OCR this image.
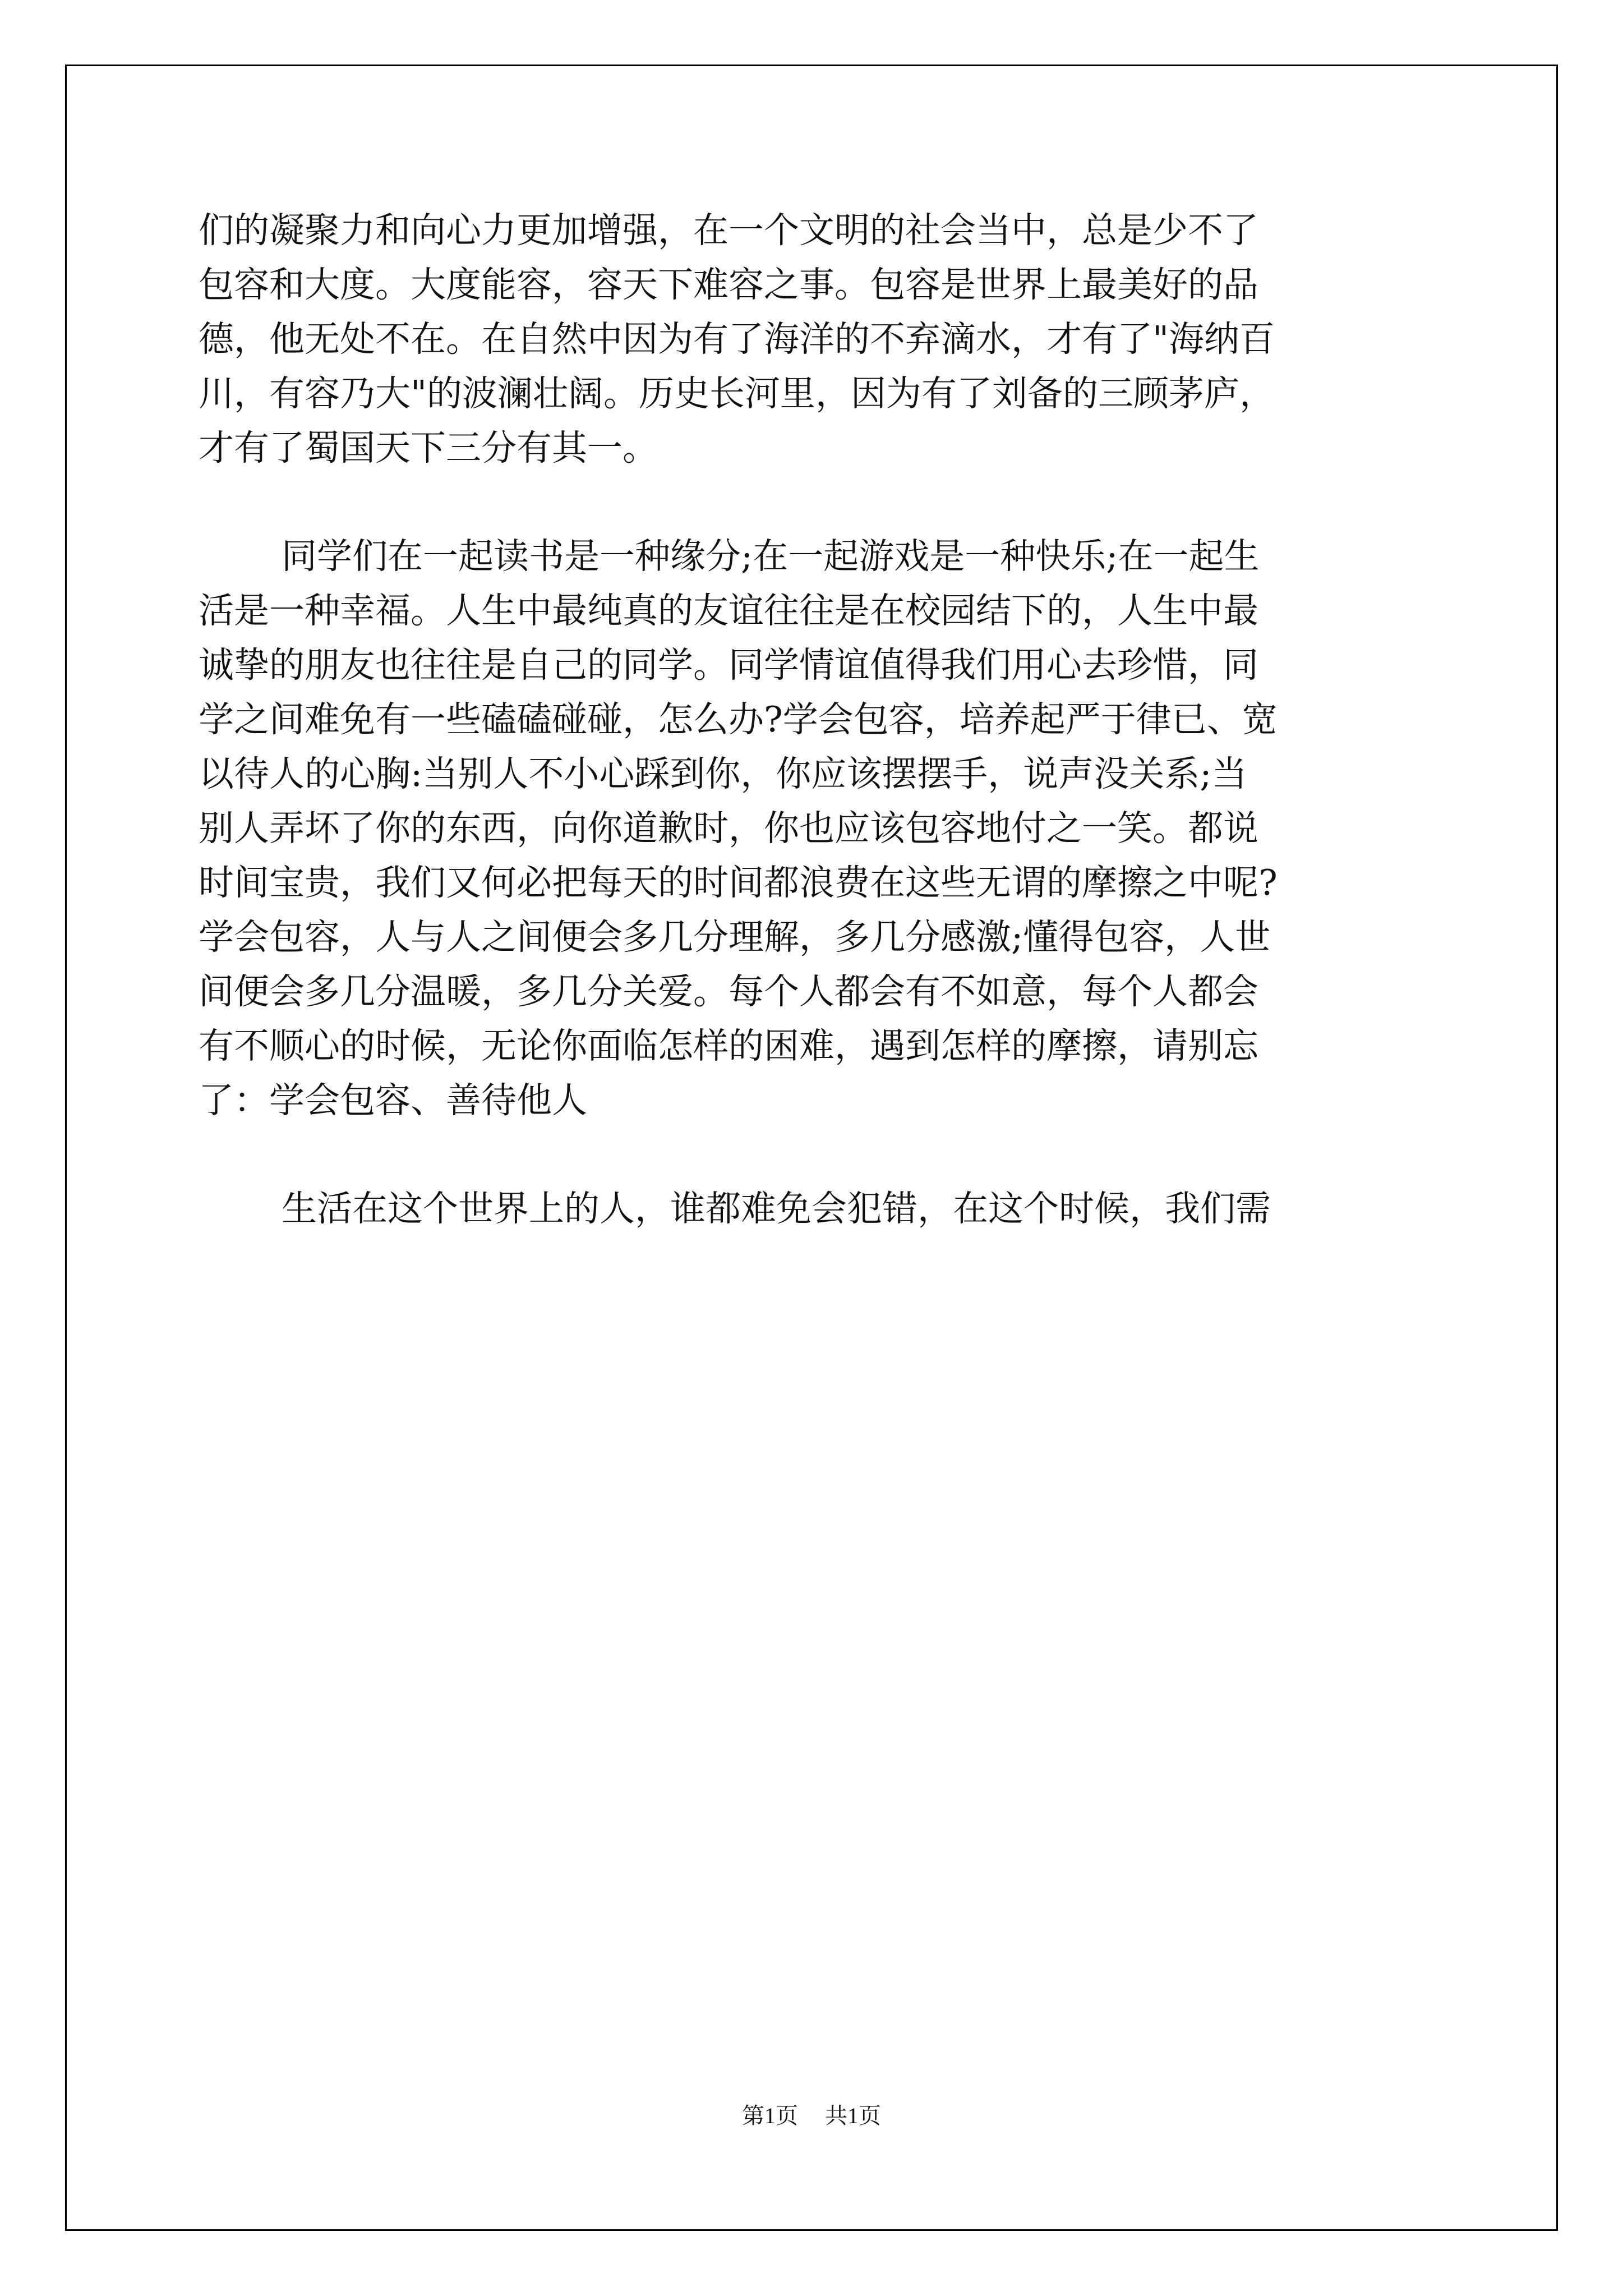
们的凝聚力和向心力更加增强，在一个文明的社会当中，总是少不了
包容和大度。大度能容，容天下难容之事。包容是世界上最美好的品
德，他无处不在。在自然中因为有了海洋的不弃滴水，才有了"海纳百
川，有容乃大"的波澜壮阔。历史长河里，因为有了刘备的三顾茅庐，
才有了蜀国天下三分有其一。
同学们在一起读书是一种缘分;在一起游戏是一种快乐;在一起生
活是一种幸福。人生中最纯真的友谊往往是在校园结下的，人生中最
诚挚的朋友也往往是自己的同学。同学情谊值得我们用心去珍惜，同
学之间难免有一些磕磕碰碰，怎么办?学会包容，培养起严于律已、宽
以待人的心胸:当别人不小心踩到你，你应该摆摆手，说声没关系;当
别人弄坏了你的东西，向你道歉时，你也应该包容地付之一笑。都说
时间宝贵，我们又何必把每天的时间都浪费在这些无谓的摩擦之中呢?
学会包容，人与人之间便会多几分理解，多几分感激;懂得包容，人世
间便会多几分温暖，多几分关爱。每个人都会有不如意，每个人都会
有不顺心的时候，无论你面临怎样的困难，遇到怎样的摩擦，请别忘
了：学会包容、善待他人
生活在这个世界上的人，谁都难免会犯错，在这个时候，我们需
第1页 共1页
